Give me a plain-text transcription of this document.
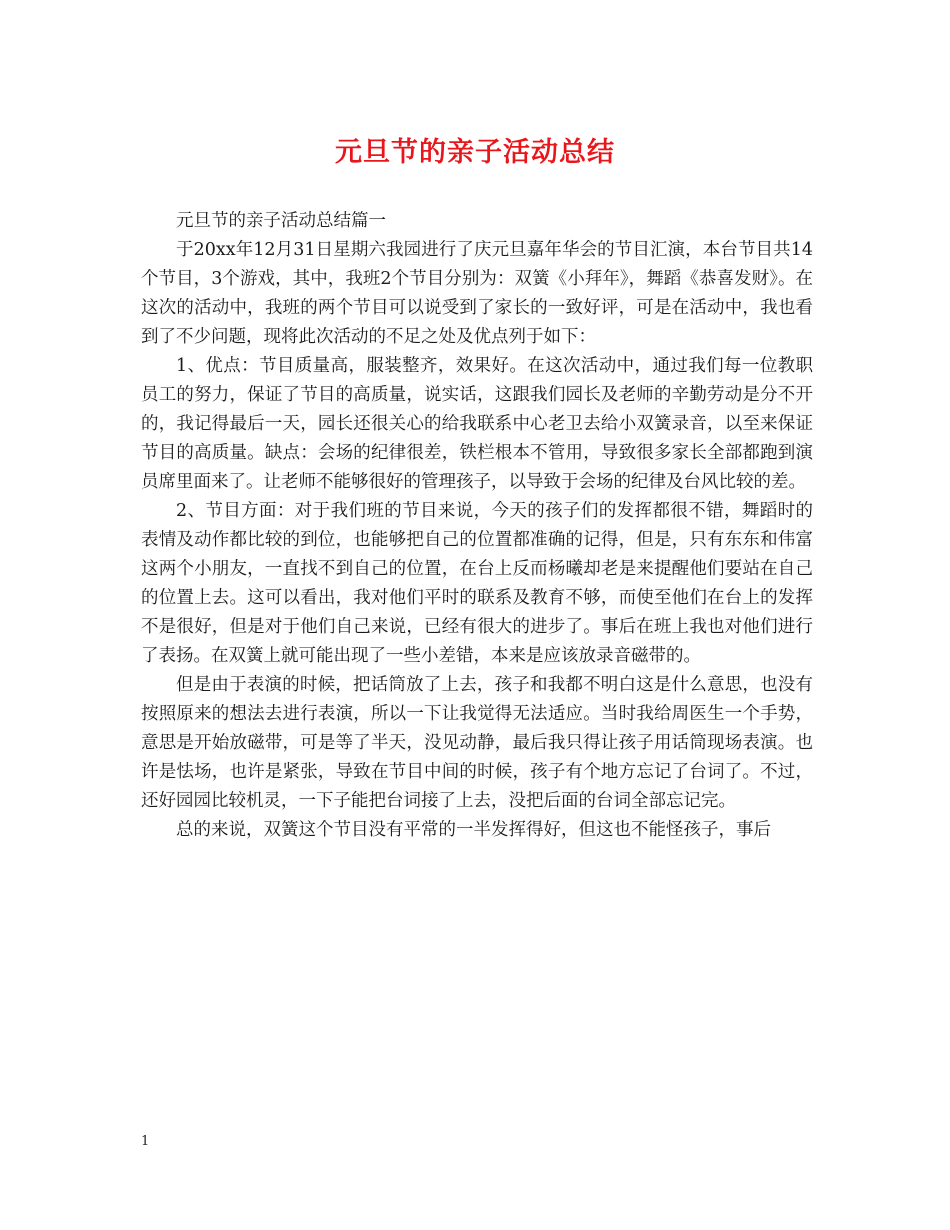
元旦节的亲子活动总结

元旦节的亲子活动总结篇一

于20xx年12月31日星期六我园进行了庆元旦嘉年华会的节目汇演，本台节目共14个节目，3个游戏，其中，我班2个节目分别为：双簧《小拜年》，舞蹈《恭喜发财》。在这次的活动中，我班的两个节目可以说受到了家长的一致好评，可是在活动中，我也看到了不少问题，现将此次活动的不足之处及优点列于如下：

1、优点：节目质量高，服装整齐，效果好。在这次活动中，通过我们每一位教职员工的努力，保证了节目的高质量，说实话，这跟我们园长及老师的辛勤劳动是分不开的，我记得最后一天，园长还很关心的给我联系中心老卫去给小双簧录音，以至来保证节目的高质量。缺点：会场的纪律很差，铁栏根本不管用，导致很多家长全部都跑到演员席里面来了。让老师不能够很好的管理孩子，以导致于会场的纪律及台风比较的差。

2、节目方面：对于我们班的节目来说，今天的孩子们的发挥都很不错，舞蹈时的表情及动作都比较的到位，也能够把自己的位置都准确的记得，但是，只有东东和伟富这两个小朋友，一直找不到自己的位置，在台上反而杨曦却老是来提醒他们要站在自己的位置上去。这可以看出，我对他们平时的联系及教育不够，而使至他们在台上的发挥不是很好，但是对于他们自己来说，已经有很大的进步了。事后在班上我也对他们进行了表扬。在双簧上就可能出现了一些小差错，本来是应该放录音磁带的。

但是由于表演的时候，把话筒放了上去，孩子和我都不明白这是什么意思，也没有按照原来的想法去进行表演，所以一下让我觉得无法适应。当时我给周医生一个手势，意思是开始放磁带，可是等了半天，没见动静，最后我只得让孩子用话筒现场表演。也许是怯场，也许是紧张，导致在节目中间的时候，孩子有个地方忘记了台词了。不过，还好园园比较机灵，一下子能把台词接了上去，没把后面的台词全部忘记完。

总的来说，双簧这个节目没有平常的一半发挥得好，但这也不能怪孩子，事后

1
